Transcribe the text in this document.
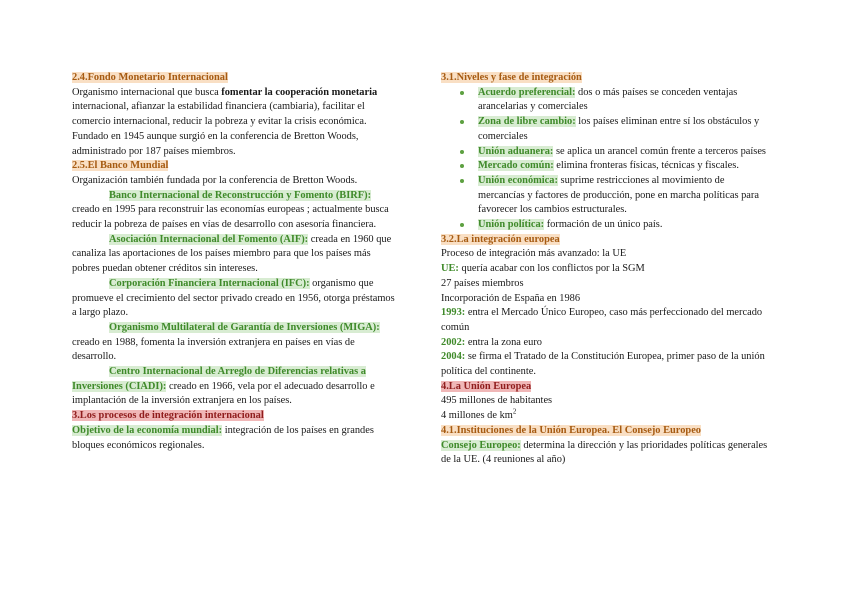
2.4.Fondo Monetario Internacional

Organismo internacional que busca fomentar la cooperación monetaria internacional, afianzar la estabilidad financiera (cambiaria), facilitar el comercio internacional, reducir la pobreza y evitar la crisis económica. Fundado en 1945 aunque surgió en la conferencia de Bretton Woods, administrado por 187 países miembros.

2.5.El Banco Mundial

Organización también fundada por la conferencia de Bretton Woods.

Banco Internacional de Reconstrucción y Fomento (BIRF): creado en 1995 para reconstruir las economías europeas ; actualmente busca reducir la pobreza de países en vías de desarrollo con asesoría financiera.

Asociación Internacional del Fomento (AIF): creada en 1960 que canaliza las aportaciones de los países miembro para que los países más pobres puedan obtener créditos sin intereses.

Corporación Financiera Internacional (IFC): organismo que promueve el crecimiento del sector privado creado en 1956, otorga préstamos a largo plazo.

Organismo Multilateral de Garantía de Inversiones (MIGA): creado en 1988, fomenta la inversión extranjera en países en vías de desarrollo.

Centro Internacional de Arreglo de Diferencias relativas a Inversiones (CIADI): creado en 1966, vela por el adecuado desarrollo e implantación de la inversión extranjera en los países.

3.Los procesos de integración internacional

Objetivo de la economía mundial: integración de los países en grandes bloques económicos regionales.

3.1.Niveles y fase de integración

Acuerdo preferencial: dos o más países se conceden ventajas arancelarias y comerciales
Zona de libre cambio: los países eliminan entre sí los obstáculos y comerciales
Unión aduanera: se aplica un arancel común frente a terceros países
Mercado común: elimina fronteras físicas, técnicas y fiscales.
Unión económica: suprime restricciones al movimiento de mercancías y factores de producción, pone en marcha políticas para favorecer los cambios estructurales.
Unión política: formación de un único país.

3.2.La integración europea

Proceso de integración más avanzado: la UE

UE: quería acabar con los conflictos por la SGM

27 países miembros

Incorporación de España en 1986

1993: entra el Mercado Único Europeo, caso más perfeccionado del mercado común

2002: entra la zona euro

2004: se firma el Tratado de la Constitución Europea, primer paso de la unión política del continente.

4.La Unión Europea

495 millones de habitantes

4 millones de $km^2$

4.1.Instituciones de la Unión Europea. El Consejo Europeo

Consejo Europeo: determina la dirección y las prioridades políticas generales de la UE. (4 reuniones al año)
